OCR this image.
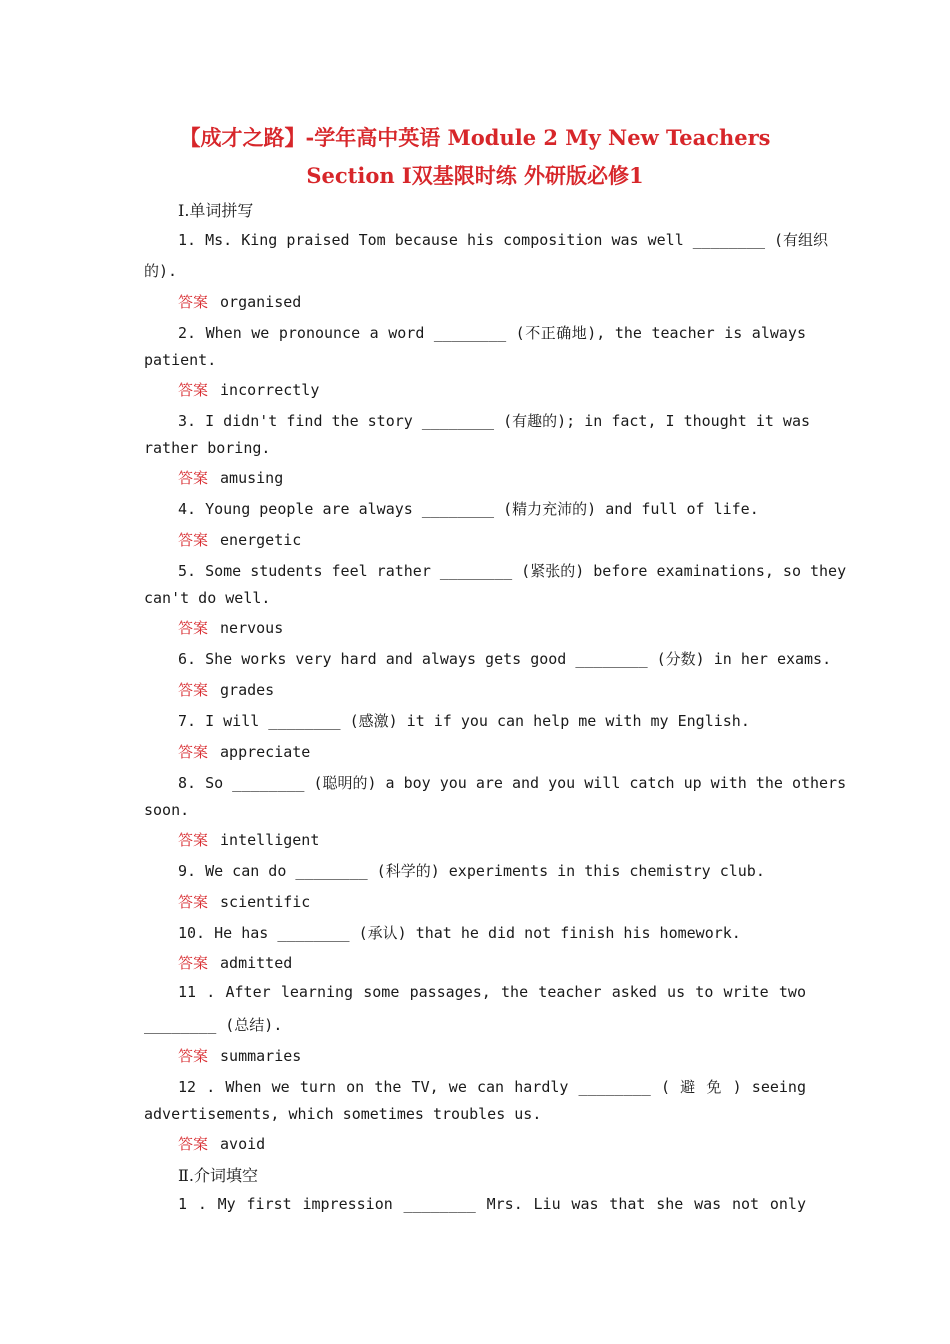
【成才之路】-学年高中英语 Module 2 My New Teachers
Section Ⅰ双基限时练 外研版必修1
Ⅰ.单词拼写
1. Ms. King praised Tom because his composition was well ________ (有组织
的).
答案 organised
2. When we pronounce a word ________ (不正确地), the teacher is always
patient.
答案 incorrectly
3. I didn't find the story ________ (有趣的); in fact, I thought it was
rather boring.
答案 amusing
4. Young people are always ________ (精力充沛的) and full of life.
答案 energetic
5. Some students feel rather ________ (紧张的) before examinations, so they
can't do well.
答案 nervous
6. She works very hard and always gets good ________ (分数) in her exams.
答案 grades
7. I will ________ (感激) it if you can help me with my English.
答案 appreciate
8. So ________ (聪明的) a boy you are and you will catch up with the others
soon.
答案 intelligent
9. We can do ________ (科学的) experiments in this chemistry club.
答案 scientific
10. He has ________ (承认) that he did not finish his homework.
答案 admitted
11 . After learning some passages, the teacher asked us to write two
________ (总结).
答案 summaries
12 . When we turn on the TV, we can hardly ________ ( 避 免 ) seeing
advertisements, which sometimes troubles us.
答案 avoid
Ⅱ.介词填空
1 . My first impression ________ Mrs. Liu was that she was not only
